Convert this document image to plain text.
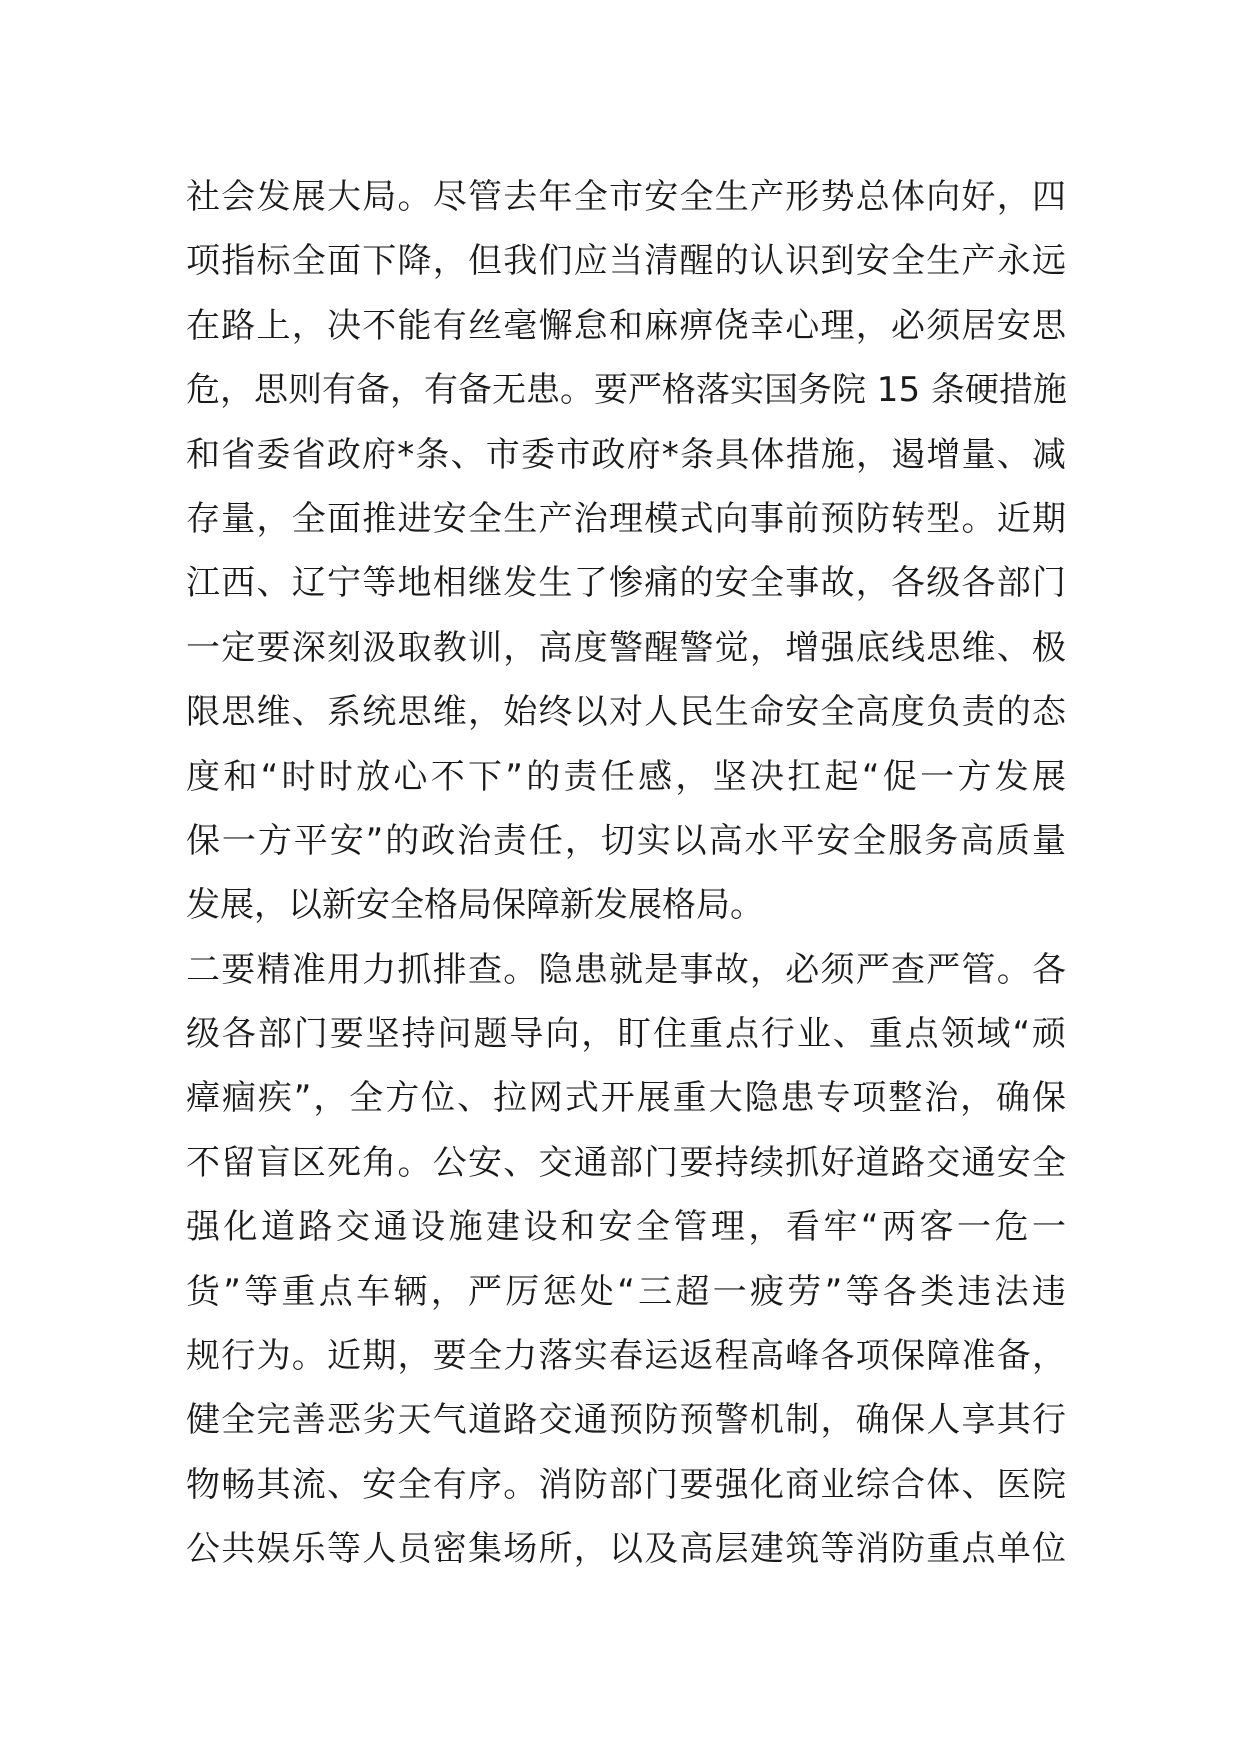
社会发展大局。尽管去年全市安全生产形势总体向好，四
项指标全面下降，但我们应当清醒的认识到安全生产永远
在路上，决不能有丝毫懈怠和麻痹侥幸心理，必须居安思
危，思则有备，有备无患。要严格落实国务院 15 条硬措施
和省委省政府*条、市委市政府*条具体措施，遏增量、减
存量，全面推进安全生产治理模式向事前预防转型。近期
江西、辽宁等地相继发生了惨痛的安全事故，各级各部门
一定要深刻汲取教训，高度警醒警觉，增强底线思维、极
限思维、系统思维，始终以对人民生命安全高度负责的态
度和“时时放心不下”的责任感，坚决扛起“促一方发展
保一方平安”的政治责任，切实以高水平安全服务高质量
发展，以新安全格局保障新发展格局。
二要精准用力抓排查。隐患就是事故，必须严查严管。各
级各部门要坚持问题导向，盯住重点行业、重点领域“顽
瘴痼疾”，全方位、拉网式开展重大隐患专项整治，确保
不留盲区死角。公安、交通部门要持续抓好道路交通安全
强化道路交通设施建设和安全管理，看牢“两客一危一
货”等重点车辆，严厉惩处“三超一疲劳”等各类违法违
规行为。近期，要全力落实春运返程高峰各项保障准备，
健全完善恶劣天气道路交通预防预警机制，确保人享其行
物畅其流、安全有序。消防部门要强化商业综合体、医院
公共娱乐等人员密集场所，以及高层建筑等消防重点单位
